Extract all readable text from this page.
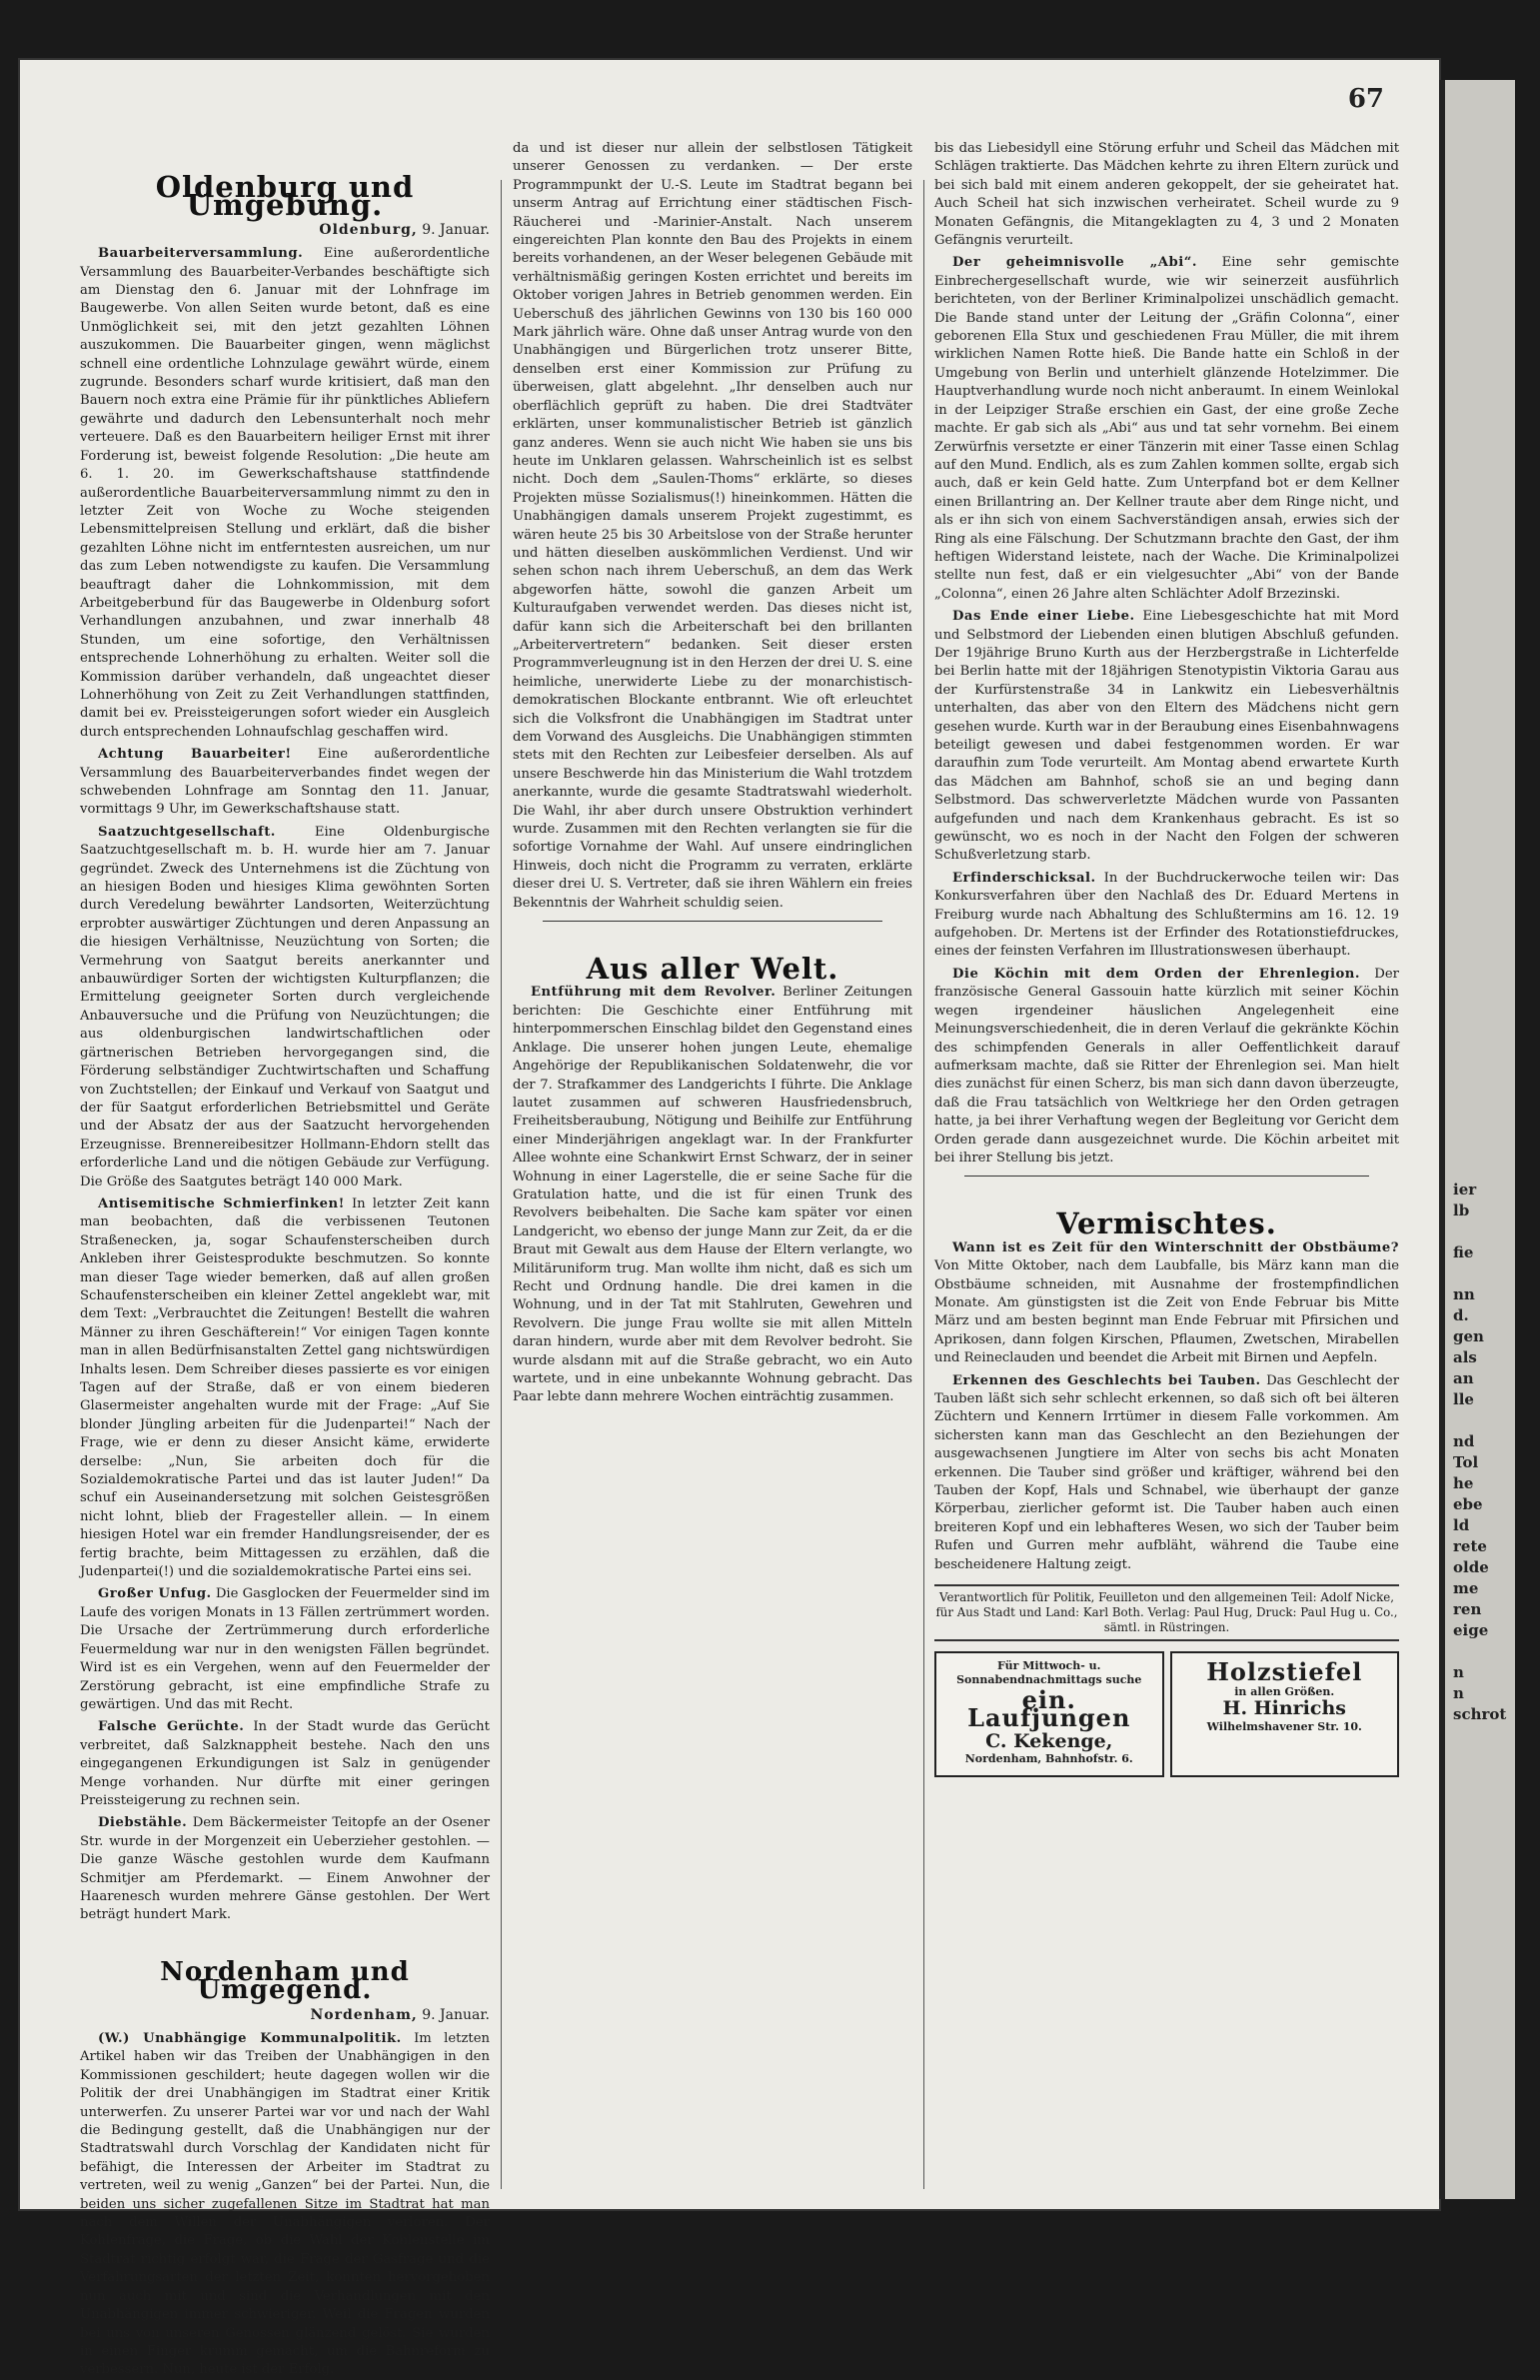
67
Oldenburg und Umgebung.
Oldenburg, 9. Januar.

Bauarbeiterversammlung. Eine außerordentliche Versammlung des Bauarbeiter-Verbandes beschäftigte sich am Dienstag den 6. Januar mit der Lohnfrage im Baugewerbe. Von allen Seiten wurde betont, daß es eine Unmöglichkeit sei, mit den jetzt gezahlten Löhnen auszukommen. Die Bauarbeiter gingen, wenn mäglichst schnell eine ordentliche Lohnzulage gewährt würde, einem zugrunde. Besonders scharf wurde kritisiert, daß man den Bauern noch extra eine Prämie für ihr pünktliches Abliefern gewährte und dadurch den Lebensunterhalt noch mehr verteuere. Daß es den Bauarbeitern heiliger Ernst mit ihrer Forderung ist, beweist folgende Resolution: „Die heute am 6. 1. 20. im Gewerkschaftshause stattfindende außerordentliche Bauarbeiterversammlung nimmt zu den in letzter Zeit von Woche zu Woche steigenden Lebensmittelpreisen Stellung und erklärt, daß die bisher gezahlten Löhne nicht im entferntesten ausreichen, um nur das zum Leben notwendigste zu kaufen. Die Versammlung beauftragt daher die Lohnkommission, mit dem Arbeitgeberbund für das Baugewerbe in Oldenburg sofort Verhandlungen anzubahnen, und zwar innerhalb 48 Stunden, um eine sofortige, den Verhältnissen entsprechende Lohnerhöhung zu erhalten. Weiter soll die Kommission darüber verhandeln, daß ungeachtet dieser Lohnerhöhung von Zeit zu Zeit Verhandlungen stattfinden, damit bei ev. Preissteigerungen sofort wieder ein Ausgleich durch entsprechenden Lohnaufschlag geschaffen wird.

Achtung Bauarbeiter! Eine außerordentliche Versammlung des Bauarbeiterverbandes findet wegen der schwebenden Lohnfrage am Sonntag den 11. Januar, vormittags 9 Uhr, im Gewerkschaftshause statt.

Saatzuchtgesellschaft.	Eine Oldenburgische Saatzuchtgesellschaft m. b. H. wurde hier am 7. Januar gegründet. Zweck des Unternehmens ist die Züchtung von an hiesigen Boden und hiesiges Klima gewöhnten Sorten durch Veredelung bewährter Landsorten, Weiterzüchtung erprobter auswärtiger Züchtungen und deren Anpassung an die hiesigen Verhältnisse, Neuzüchtung von Sorten; die Vermehrung von Saatgut bereits anerkannter und anbauwürdiger Sorten der wichtigsten Kulturpflanzen; die Ermittelung geeigneter Sorten durch vergleichende Anbauversuche und die Prüfung von Neuzüchtungen; die aus oldenburgischen landwirtschaftlichen oder gärtnerischen Betrieben hervorgegangen sind, die Förderung selbständiger Zuchtwirtschaften und Schaffung von Zuchtstellen; der Einkauf und Verkauf von Saatgut und der für Saatgut erforderlichen Betriebsmittel und Geräte und der Absatz der aus der Saatzucht hervorgehenden Erzeugnisse. Brennereibesitzer Hollmann-Ehdorn stellt das erforderliche Land und die nötigen Gebäude zur Verfügung. Die Größe des Saatgutes beträgt 140 000 Mark.

Antisemitische Schmierfinken! In letzter Zeit kann man beobachten, daß die verbissenen Teutonen Straßenecken, ja, sogar Schaufensterscheiben durch Ankleben ihrer Geistesprodukte beschmutzen. So konnte man dieser Tage wieder bemerken, daß auf allen großen Schaufensterscheiben ein kleiner Zettel angeklebt war, mit dem Text: „Verbrauchtet die Zeitungen! Bestellt die wahren Männer zu ihren Geschäfterein!“ Vor einigen Tagen konnte man in allen Bedürfnisanstalten Zettel gang nichtswürdigen Inhalts lesen. Dem Schreiber dieses passierte es vor einigen Tagen auf der Straße, daß er von einem biederen Glasermeister angehalten wurde mit der Frage: „Auf Sie blonder Jüngling arbeiten für die Judenpartei!“ Nach der Frage, wie er denn zu dieser Ansicht käme, erwiderte derselbe: „Nun, Sie arbeiten doch für die Sozialdemokratische Partei und das ist lauter Juden!“ Da schuf ein Auseinandersetzung mit solchen Geistesgrößen nicht lohnt, blieb der Fragesteller allein. — In einem hiesigen Hotel war ein fremder Handlungsreisender, der es fertig brachte, beim Mittagessen zu erzählen, daß die Judenpartei(!) und die sozialdemokratische Partei eins sei.

Großer Unfug. Die Gasglocken der Feuermelder sind im Laufe des vorigen Monats in 13 Fällen zertrümmert worden. Die Ursache der Zertrümmerung durch erforderliche Feuermeldung war nur in den wenigsten Fällen begründet. Wird ist es ein Vergehen, wenn auf den Feuermelder der Zerstörung gebracht, ist eine empfindliche Strafe zu gewärtigen. Und das mit Recht.

Falsche Gerüchte. In der Stadt wurde das Gerücht verbreitet, daß Salzknappheit bestehe. Nach den uns eingegangenen Erkundigungen ist Salz in genügender Menge vorhanden. Nur dürfte mit einer geringen Preissteigerung zu rechnen sein.

Diebstähle. Dem Bäckermeister Teitopfe an der Osener Str. wurde in der Morgenzeit ein Ueberzieher gestohlen. — Die ganze Wäsche gestohlen wurde dem Kaufmann Schmitjer am Pferdemarkt. — Einem Anwohner der Haarenesch wurden mehrere Gänse gestohlen. Der Wert beträgt hundert Mark.

Nordenham und Umgegend.
Nordenham, 9. Januar.

(W.) Unabhängige Kommunalpolitik. Im letzten Artikel haben wir das Treiben der Unabhängigen in den Kommissionen geschildert; heute dagegen wollen wir die Politik der drei Unabhängigen im Stadtrat einer Kritik unterwerfen. Zu unserer Partei war vor und nach der Wahl die Bedingung gestellt, daß die Unabhängigen nur der Stadtratswahl durch Vorschlag der Kandidaten nicht für befähigt, die Interessen der Arbeiter im Stadtrat zu vertreten, weil zu wenig „Ganzen“ bei der Partei. Nun, die beiden uns sicher zugefallenen Sitze im Stadtrat hat man nach dem Willen der Unabhängigen verloren. Der Kohlenfrage, die Frage, ob die Wahl der Kohlenstelle im Stadtrat richtig erfolgt war, die Frage der Gasfrage und die Verfahrungsarten der letzten Zeit, konnten hervorgehoben nun auch mit und sind die Verhandlungen mit den Unabhängigen immer schwieriger. Weil die Fragen wurden bei uns von unseren Genossen glänzend gelöst. Sie wurden in einen Finger krumm gemacht, um die Bahnreform zu verbessern. Nun, heute ist der Erfolg.

da und ist dieser nur allein der selbstlosen Tätigkeit unserer Genossen zu verdanken. — Der erste Programmpunkt der U.-S. Leute im Stadtrat begann bei unserm Antrag auf Errichtung einer städtischen Fisch-Räucherei und -Marinier-Anstalt. Nach unserem eingereichten Plan konnte den Bau des Projekts in einem bereits vorhandenen, an der Weser belegenen Gebäude mit verhältnismäßig geringen Kosten errichtet und bereits im Oktober vorigen Jahres in Betrieb genommen werden. Ein Ueberschuß des jährlichen Gewinns von 130 bis 160 000 Mark jährlich wäre. Ohne daß unser Antrag wurde von den Unabhängigen und Bürgerlichen trotz unserer Bitte, denselben erst einer Kommission zur Prüfung zu überweisen, glatt abgelehnt. „Ihr denselben auch nur oberflächlich geprüft zu haben. Die drei Stadtväter erklärten, unser kommunalistischer Betrieb ist gänzlich ganz anderes. Wenn sie auch nicht Wie haben sie uns bis heute im Unklaren gelassen. Wahrscheinlich ist es selbst nicht. Doch dem „Saulen-Thoms“ erklärte, so dieses Projekten müsse Sozialismus(!) hineinkommen. Hätten die Unabhängigen damals unserem Projekt zugestimmt, es wären heute 25 bis 30 Arbeitslose von der Straße herunter und hätten dieselben auskömmlichen Verdienst. Und wir sehen schon nach ihrem Ueberschuß, an dem das Werk abgeworfen hätte, sowohl die ganzen Arbeit um Kulturaufgaben verwendet werden. Das dieses nicht ist, dafür kann sich die Arbeiterschaft bei den brillanten „Arbeitervertretern“ bedanken. Seit dieser ersten Programmverleugnung ist in den Herzen der drei U. S. eine heimliche, unerwiderte Liebe zu der monarchistisch-demokratischen Blockante entbrannt. Wie oft erleuchtet sich die Volksfront die Unabhängigen im Stadtrat unter dem Vorwand des Ausgleichs. Die Unabhängigen stimmten stets mit den Rechten zur Leibesfeier derselben. Als auf unsere Beschwerde hin das Ministerium die Wahl trotzdem anerkannte, wurde die gesamte Stadtratswahl wiederholt. Die Wahl, ihr aber durch unsere Obstruktion verhindert wurde. Zusammen mit den Rechten verlangten sie für die sofortige Vornahme der Wahl. Auf unsere eindringlichen Hinweis, doch nicht die Programm zu verraten, erklärte dieser drei U. S. Vertreter, daß sie ihren Wählern ein freies Bekenntnis der Wahrheit schuldig seien.

Aus aller Welt.

Entführung mit dem Revolver. Berliner Zeitungen berichten: Die Geschichte einer Entführung mit hinterpommerschen Einschlag bildet den Gegenstand eines Anklage. Die unserer hohen jungen Leute, ehemalige Angehörige der Republikanischen Soldatenwehr, die vor der 7. Strafkammer des Landgerichts I führte. Die Anklage lautet zusammen auf schweren Hausfriedensbruch, Freiheitsberaubung, Nötigung und Beihilfe zur Entführung einer Minderjährigen angeklagt war. In der Frankfurter Allee wohnte eine Schankwirt Ernst Schwarz, der in seiner Wohnung in einer Lagerstelle, die er seine Sache für die Gratulation hatte, und die ist für einen Trunk des Revolvers beibehalten. Die Sache kam später vor einen Landgericht, wo ebenso der junge Mann zur Zeit, da er die Braut mit Gewalt aus dem Hause der Eltern verlangte, wo Militäruniform trug. Man wollte ihm nicht, daß es sich um Recht und Ordnung handle. Die drei kamen in die Wohnung, und in der Tat mit Stahlruten, Gewehren und Revolvern. Die junge Frau wollte sie mit allen Mitteln daran hindern, wurde aber mit dem Revolver bedroht. Sie wurde alsdann mit auf die Straße gebracht, wo ein Auto wartete, und in eine unbekannte Wohnung gebracht. Das Paar lebte dann mehrere Wochen einträchtig zusammen.

bis das Liebesidyll eine Störung erfuhr und Scheil das Mädchen mit Schlägen traktierte. Das Mädchen kehrte zu ihren Eltern zurück und bei sich bald mit einem anderen gekoppelt, der sie geheiratet hat. Auch Scheil hat sich inzwischen verheiratet. Scheil wurde zu 9 Monaten Gefängnis, die Mitangeklagten zu 4, 3 und 2 Monaten Gefängnis verurteilt.

Der geheimnisvolle „Abi“. Eine sehr gemischte Einbrechergesellschaft wurde, wie wir seinerzeit ausführlich berichteten, von der Berliner Kriminalpolizei unschädlich gemacht. Die Bande stand unter der Leitung der „Gräfin Colonna“, einer geborenen Ella Stux und geschiedenen Frau Müller, die mit ihrem wirklichen Namen Rotte hieß. Die Bande hatte ein Schloß in der Umgebung von Berlin und unterhielt glänzende Hotelzimmer. Die Hauptverhandlung wurde noch nicht anberaumt. In einem Weinlokal in der Leipziger Straße erschien ein Gast, der eine große Zeche machte. Er gab sich als „Abi“ aus und tat sehr vornehm. Bei einem Zerwürfnis versetzte er einer Tänzerin mit einer Tasse einen Schlag auf den Mund. Endlich, als es zum Zahlen kommen sollte, ergab sich auch, daß er kein Geld hatte. Zum Unterpfand bot er dem Kellner einen Brillantring an. Der Kellner traute aber dem Ringe nicht, und als er ihn sich von einem Sachverständigen ansah, erwies sich der Ring als eine Fälschung. Der Schutzmann brachte den Gast, der ihm heftigen Widerstand leistete, nach der Wache. Die Kriminalpolizei stellte nun fest, daß er ein vielgesuchter „Abi“ von der Bande „Colonna“, einen 26 Jahre alten Schlächter Adolf Brzezinski.

Das Ende einer Liebe. Eine Liebesgeschichte hat mit Mord und Selbstmord der Liebenden einen blutigen Abschluß gefunden. Der 19jährige Bruno Kurth aus der Herzbergstraße in Lichterfelde bei Berlin hatte mit der 18jährigen Stenotypistin Viktoria Garau aus der Kurfürstenstraße 34 in Lankwitz ein Liebesverhältnis unterhalten, das aber von den Eltern des Mädchens nicht gern gesehen wurde. Kurth war in der Beraubung eines Eisenbahnwagens beteiligt gewesen und dabei festgenommen worden. Er war daraufhin zum Tode verurteilt. Am Montag abend erwartete Kurth das Mädchen am Bahnhof, schoß sie an und beging dann Selbstmord. Das schwerverletzte Mädchen wurde von Passanten aufgefunden und nach dem Krankenhaus gebracht. Es ist so gewünscht, wo es noch in der Nacht den Folgen der schweren Schußverletzung starb.

Erfinderschicksal. In der Buchdruckerwoche teilen wir: Das Konkursverfahren über den Nachlaß des Dr. Eduard Mertens in Freiburg wurde nach Abhaltung des Schlußtermins am 16. 12. 19 aufgehoben. Dr. Mertens ist der Erfinder des Rotationstiefdruckes, eines der feinsten Verfahren im Illustrationswesen überhaupt.

Die Köchin mit dem Orden der Ehrenlegion. Der französische General Gassouin hatte kürzlich mit seiner Köchin wegen irgendeiner häuslichen Angelegenheit eine Meinungsverschiedenheit, die in deren Verlauf die gekränkte Köchin des schimpfenden Generals in aller Oeffentlichkeit darauf aufmerksam machte, daß sie Ritter der Ehrenlegion sei. Man hielt dies zunächst für einen Scherz, bis man sich dann davon überzeugte, daß die Frau tatsächlich von Weltkriege her den Orden getragen hatte, ja bei ihrer Verhaftung wegen der Begleitung vor Gericht dem Orden gerade dann ausgezeichnet wurde. Die Köchin arbeitet mit bei ihrer Stellung bis jetzt.

Vermischtes.

Wann ist es Zeit für den Winterschnitt der Obstbäume? Von Mitte Oktober, nach dem Laubfalle, bis März kann man die Obstbäume schneiden, mit Ausnahme der frostempfindlichen Monate. Am günstigsten ist die Zeit von Ende Februar bis Mitte März und am besten beginnt man Ende Februar mit Pfirsichen und Aprikosen, dann folgen Kirschen, Pflaumen, Zwetschen, Mirabellen und Reineclauden und beendet die Arbeit mit Birnen und Aepfeln.

Erkennen des Geschlechts bei Tauben. Das Geschlecht der Tauben läßt sich sehr schlecht erkennen, so daß sich oft bei älteren Züchtern und Kennern Irrtümer in diesem Falle vorkommen. Am sichersten kann man das Geschlecht an den Beziehungen der ausgewachsenen Jungtiere im Alter von sechs bis acht Monaten erkennen. Die Tauber sind größer und kräftiger, während bei den Tauben der Kopf, Hals und Schnabel, wie überhaupt der ganze Körperbau, zierlicher geformt ist. Die Tauber haben auch einen breiteren Kopf und ein lebhafteres Wesen, wo sich der Tauber beim Rufen und Gurren mehr aufbläht, während die Taube eine bescheidenere Haltung zeigt.

Verantwortlich für Politik, Feuilleton und den allgemeinen Teil: Adolf Nicke, für Aus Stadt und Land: Karl Both. Verlag: Paul Hug, Druck: Paul Hug u. Co., sämtl. in Rüstringen.
Für Mittwoch- u. Sonnabendnachmittags suche
ein. Laufjungen
C. Kekenge,
Nordenham, Bahnhofstr. 6.
Holzstiefel
in allen Größen.
H. Hinrichs
Wilhelmshavener Str. 10.
ier
lb

fie

nn
d.
gen
als
an
lle

nd
Tol
he
ebe
ld
rete
olde
me
ren
eige

n
n
schrot
